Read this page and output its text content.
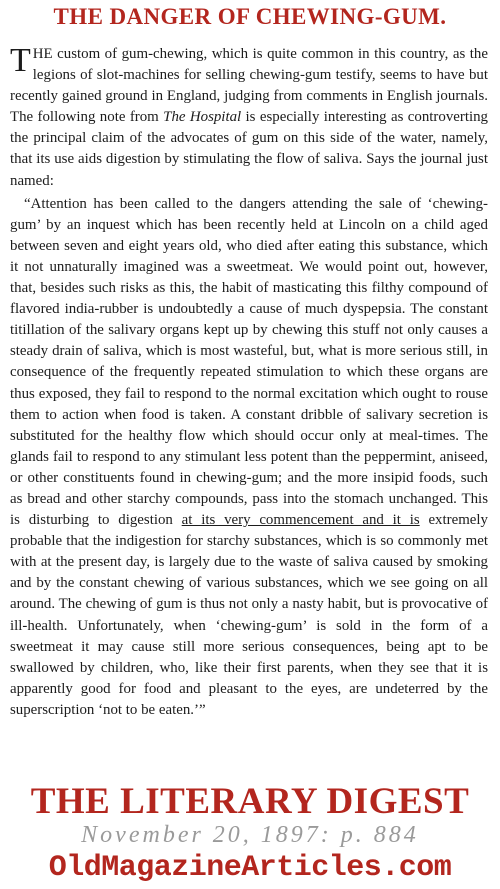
THE DANGER OF CHEWING-GUM.

THE custom of gum-chewing, which is quite common in this country, as the legions of slot-machines for selling chewing-gum testify, seems to have but recently gained ground in England, judging from comments in English journals. The following note from The Hospital is especially interesting as controverting the principal claim of the advocates of gum on this side of the water, namely, that its use aids digestion by stimulating the flow of saliva. Says the journal just named:

“Attention has been called to the dangers attending the sale of ‘chewing-gum’ by an inquest which has been recently held at Lincoln on a child aged between seven and eight years old, who died after eating this substance, which it not unnaturally imagined was a sweetmeat. We would point out, however, that, besides such risks as this, the habit of masticating this filthy compound of flavored india-rubber is undoubtedly a cause of much dyspepsia. The constant titillation of the salivary organs kept up by chewing this stuff not only causes a steady drain of saliva, which is most wasteful, but, what is more serious still, in consequence of the frequently repeated stimulation to which these organs are thus exposed, they fail to respond to the normal excitation which ought to rouse them to action when food is taken. A constant dribble of salivary secretion is substituted for the healthy flow which should occur only at meal-times. The glands fail to respond to any stimulant less potent than the peppermint, aniseed, or other constituents found in chewing-gum; and the more insipid foods, such as bread and other starchy compounds, pass into the stomach unchanged. This is disturbing to digestion at its very commencement and it is extremely probable that the indigestion for starchy substances, which is so commonly met with at the present day, is largely due to the waste of saliva caused by smoking and by the constant chewing of various substances, which we see going on all around. The chewing of gum is thus not only a nasty habit, but is provocative of ill-health. Unfortunately, when ‘chewing-gum’ is sold in the form of a sweetmeat it may cause still more serious consequences, being apt to be swallowed by children, who, like their first parents, when they see that it is apparently good for food and pleasant to the eyes, are undeterred by the superscription ‘not to be eaten.’”

THE LITERARY DIGEST
November 20, 1897: p. 884
OldMagazineArticles.com
